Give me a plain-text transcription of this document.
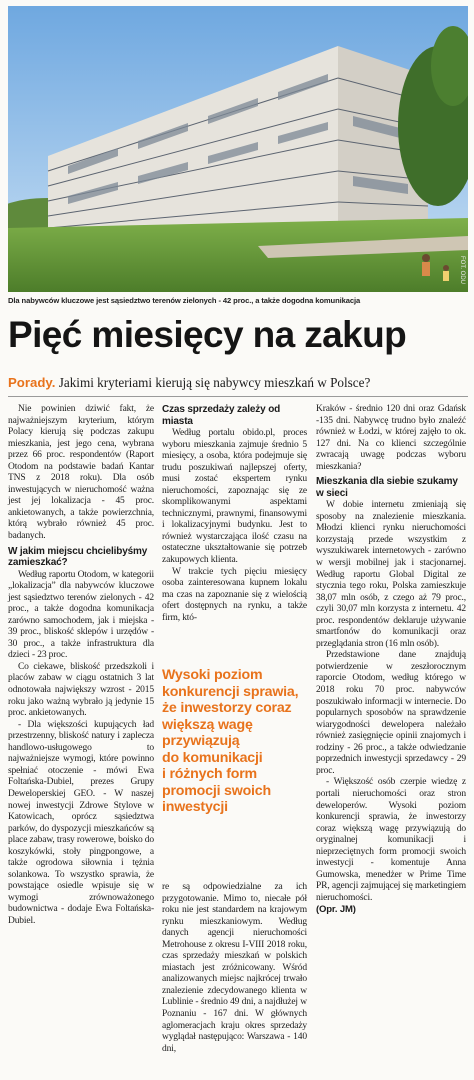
FOT. ODU
Dla nabywców kluczowe jest sąsiedztwo terenów zielonych - 42 proc., a także dogodna komunikacja
Pięć miesięcy na zakup
Porady. Jakimi kryteriami kierują się nabywcy mieszkań w Polsce?

Nie powinien dziwić fakt, że najważniejszym kryterium, którym Polacy kierują się podczas zakupu mieszkania, jest jego cena, wybrana przez 66 proc. respondentów (Raport Otodom na podstawie badań Kantar TNS z 2018 roku). Dla osób inwestujących w nieruchomość ważna jest jej lokalizacja - 45 proc. ankietowanych, a także powierzchnia, którą wybrało również 45 proc. badanych.

W jakim miejscu chcielibyśmy zamieszkać?

Według raportu Otodom, w kategorii „lokalizacja” dla nabywców kluczowe jest sąsiedztwo terenów zielonych - 42 proc., a także dogodna komunikacja zarówno samochodem, jak i miejska - 39 proc., bliskość sklepów i urzędów - 30 proc., a także infrastruktura dla dzieci - 23 proc.

Co ciekawe, bliskość przedszkoli i placów zabaw w ciągu ostatnich 3 lat odnotowała największy wzrost - 2015 roku jako ważną wybrało ją jedynie 15 proc. ankietowanych.

- Dla większości kupujących ład przestrzenny, bliskość natury i zaplecza handlowo-usługowego to najważniejsze wymogi, które powinno spełniać otoczenie - mówi Ewa Foltańska-Dubiel, prezes Grupy Deweloperskiej GEO. - W naszej nowej inwestycji Zdrowe Stylove w Katowicach, oprócz sąsiedztwa parków, do dyspozycji mieszkańców są place zabaw, trasy rowerowe, boisko do koszykówki, stoły pingpongowe, a także ogrodowa siłownia i tężnia solankowa. To wszystko sprawia, że powstające osiedle wpisuje się w wymogi zrównoważonego budownictwa - dodaje Ewa Foltańska-Dubiel.

Czas sprzedaży zależy od miasta

Według portalu obido.pl, proces wyboru mieszkania zajmuje średnio 5 miesięcy, a osoba, która podejmuje się trudu poszukiwań najlepszej oferty, musi zostać ekspertem rynku nieruchomości, zapoznając się ze skomplikowanymi aspektami technicznymi, prawnymi, finansowymi i lokalizacyjnymi budynku. Jest to również wystarczająca ilość czasu na ostateczne ukształtowanie się potrzeb zakupowych klienta.

W trakcie tych pięciu miesięcy osoba zainteresowana kupnem lokalu ma czas na zapoznanie się z wielością ofert dostępnych na rynku, a także firm, któ-

Wysoki poziom
konkurencji sprawia,
że inwestorzy coraz
większą wagę
przywiązują
do komunikacji
i różnych form
promocji swoich
inwestycji

re są odpowiedzialne za ich przygotowanie. Mimo to, niecałe pół roku nie jest standardem na krajowym rynku mieszkaniowym. Według danych agencji nieruchomości Metrohouse z okresu I-VIII 2018 roku, czas sprzedaży mieszkań w polskich miastach jest zróżnicowany. Wśród analizowanych miejsc najkrócej trwało znalezienie zdecydowanego klienta w Lublinie - średnio 49 dni, a najdłużej w Poznaniu - 167 dni. W głównych aglomeracjach kraju okres sprzedaży wyglądał następująco: Warszawa - 140 dni,

Kraków - średnio 120 dni oraz Gdańsk -135 dni. Nabywcę trudno było znaleźć również w Łodzi, w której zajęło to ok. 127 dni. Na co klienci szczególnie zwracają uwagę podczas wyboru mieszkania?

Mieszkania dla siebie szukamy w sieci

W dobie internetu zmieniają się sposoby na znalezienie mieszkania. Młodzi klienci rynku nieruchomości korzystają przede wszystkim z wyszukiwarek internetowych - zarówno w wersji mobilnej jak i stacjonarnej. Według raportu Global Digital ze stycznia tego roku, Polska zamieszkuje 38,07 mln osób, z czego aż 79 proc., czyli 30,07 mln korzysta z internetu. 42 proc. respondentów deklaruje używanie smartfonów do komunikacji oraz przeglądania stron (16 mln osób).

Przedstawione dane znajdują potwierdzenie w zeszłorocznym raporcie Otodom, według którego w 2018 roku 70 proc. nabywców poszukiwało informacji w internecie. Do popularnych sposobów na sprawdzenie wiarygodności dewelopera należało również zasięgnięcie opinii znajomych i rodziny - 26 proc., a także odwiedzanie poprzednich inwestycji sprzedawcy - 29 proc.

- Większość osób czerpie wiedzę z portali nieruchomości oraz stron deweloperów. Wysoki poziom konkurencji sprawia, że inwestorzy coraz większą wagę przywiązują do oryginalnej komunikacji i nieprzeciętnych form promocji swoich inwestycji - komentuje Anna Gumowska, menedżer w Prime Time PR, agencji zajmującej się marketingiem nieruchomości.

(Opr. JM)
